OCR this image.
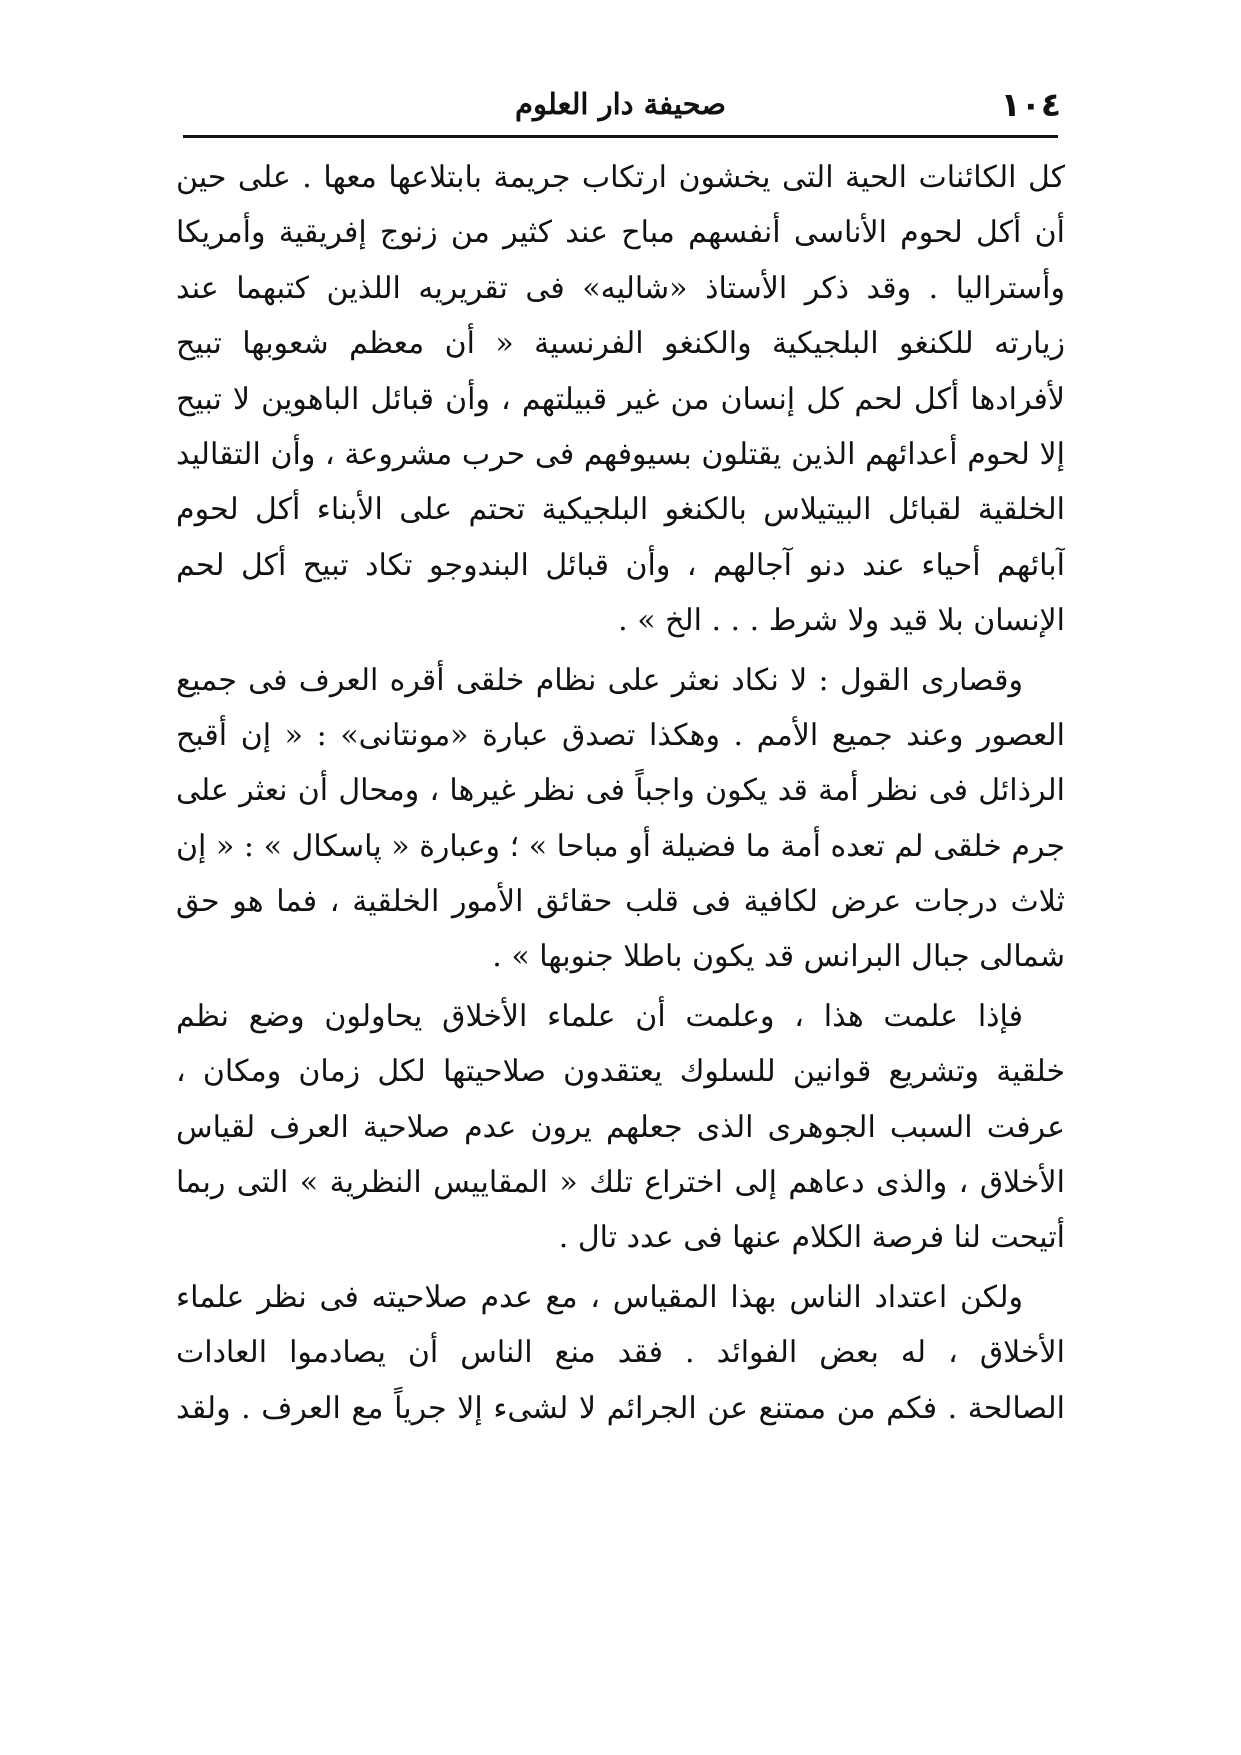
صحيفة دار العلوم	١٠٤
كل الكائنات الحية التى يخشون ارتكاب جريمة بابتلاعها معها . على حين
أن أكل لحوم الأناسى أنفسهم مباح عند كثير من زنوج إفريقية وأمريكا
وأستراليا . وقد ذكر الأستاذ «شاليه» فى تقريريه اللذين كتبهما عند
زيارته للكنغو البلجيكية والكنغو الفرنسية « أن معظم شعوبها تبيح
لأفرادها أكل لحم كل إنسان من غير قبيلتهم ، وأن قبائل الباهوين لا تبيح
إلا لحوم أعدائهم الذين يقتلون بسيوفهم فى حرب مشروعة ، وأن التقاليد
الخلقية لقبائل البيتيلاس بالكنغو البلجيكية تحتم على الأبناء أكل لحوم
آبائهم أحياء عند دنو آجالهم ، وأن قبائل البندوجو تكاد تبيح أكل لحم
الإنسان بلا قيد ولا شرط . . . الخ » .
وقصارى القول : لا نكاد نعثر على نظام خلقى أقره العرف فى جميع
العصور وعند جميع الأمم . وهكذا تصدق عبارة «مونتانى» : « إن أقبح
الرذائل فى نظر أمة قد يكون واجباً فى نظر غيرها ، ومحال أن نعثر على
جرم خلقى لم تعده أمة ما فضيلة أو مباحا » ؛ وعبارة « پاسكال » : « إن
ثلاث درجات عرض لكافية فى قلب حقائق الأمور الخلقية ، فما هو حق
شمالى جبال البرانس قد يكون باطلا جنوبها » .
فإذا علمت هذا ، وعلمت أن علماء الأخلاق يحاولون وضع نظم
خلقية وتشريع قوانين للسلوك يعتقدون صلاحيتها لكل زمان ومكان ،
عرفت السبب الجوهرى الذى جعلهم يرون عدم صلاحية العرف لقياس
الأخلاق ، والذى دعاهم إلى اختراع تلك « المقاييس النظرية » التى ربما
أتيحت لنا فرصة الكلام عنها فى عدد تال .
ولكن اعتداد الناس بهذا المقياس ، مع عدم صلاحيته فى نظر علماء
الأخلاق ، له بعض الفوائد . فقد منع الناس أن يصادموا العادات
الصالحة . فكم من ممتنع عن الجرائم لا لشىء إلا جرياً مع العرف . ولقد
